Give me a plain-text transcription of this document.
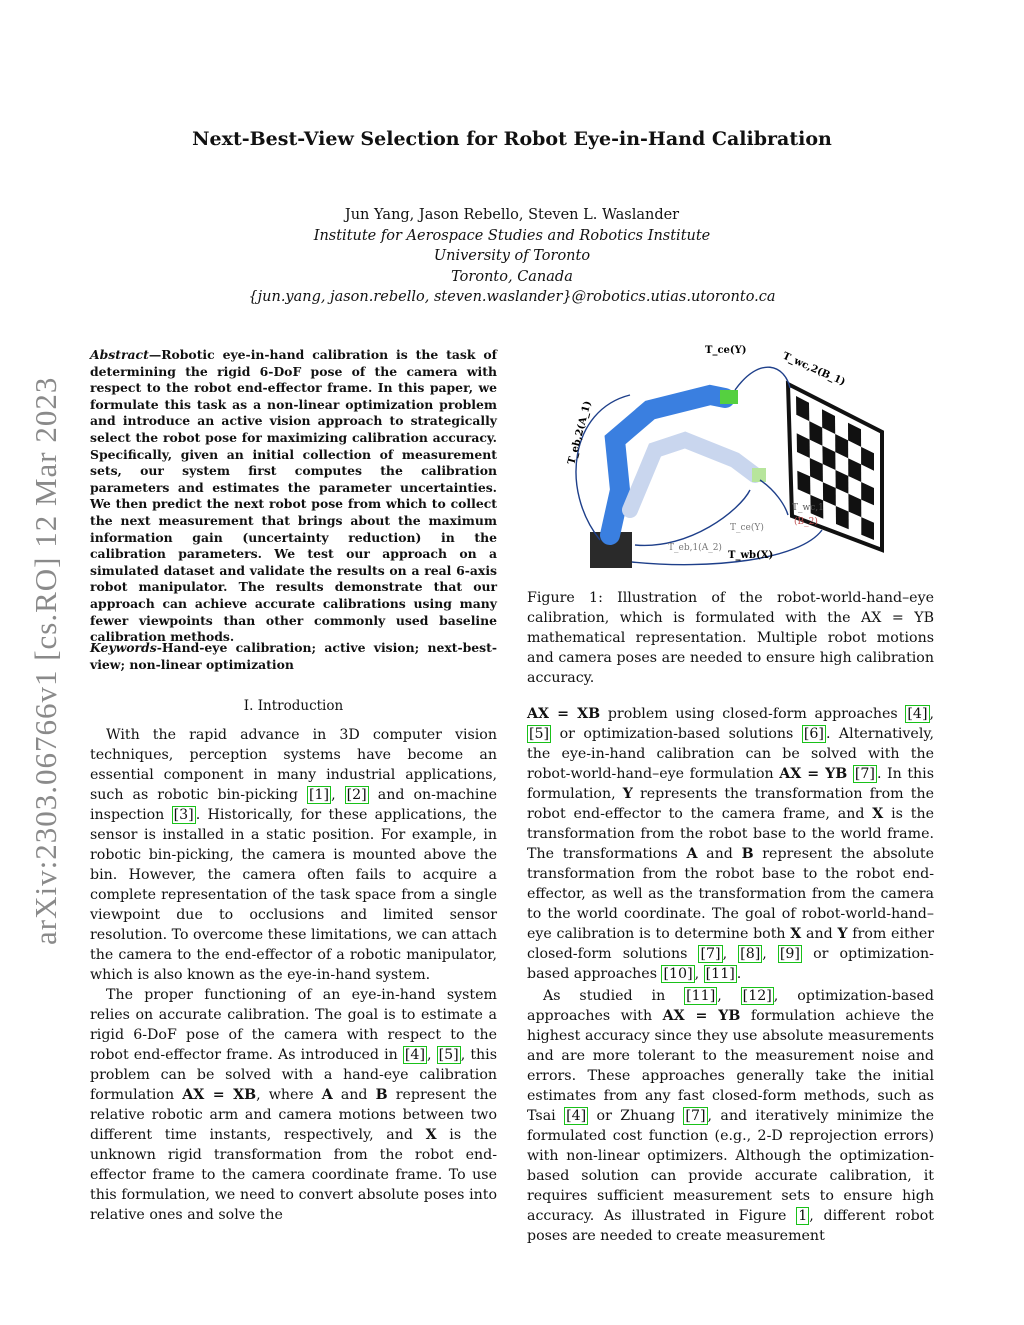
Next-Best-View Selection for Robot Eye-in-Hand Calibration
Jun Yang, Jason Rebello, Steven L. Waslander
Institute for Aerospace Studies and Robotics Institute
University of Toronto
Toronto, Canada
{jun.yang, jason.rebello, steven.waslander}@robotics.utias.utoronto.ca
arXiv:2303.06766v1 [cs.RO] 12 Mar 2023
Abstract—Robotic eye-in-hand calibration is the task of determining the rigid 6-DoF pose of the camera with respect to the robot end-effector frame. In this paper, we formulate this task as a non-linear optimization problem and introduce an active vision approach to strategically select the robot pose for maximizing calibration accuracy. Specifically, given an initial collection of measurement sets, our system first computes the calibration parameters and estimates the parameter uncertainties. We then predict the next robot pose from which to collect the next measurement that brings about the maximum information gain (uncertainty reduction) in the calibration parameters. We test our approach on a simulated dataset and validate the results on a real 6-axis robot manipulator. The results demonstrate that our approach can achieve accurate calibrations using many fewer viewpoints than other commonly used baseline calibration methods.
Keywords-Hand-eye calibration; active vision; next-best-view; non-linear optimization
I. Introduction

With the rapid advance in 3D computer vision techniques, perception systems have become an essential component in many industrial applications, such as robotic bin-picking [1] , [2] and on-machine inspection [3] . Historically, for these applications, the sensor is installed in a static position. For example, in robotic bin-picking, the camera is mounted above the bin. However, the camera often fails to acquire a complete representation of the task space from a single viewpoint due to occlusions and limited sensor resolution. To overcome these limitations, we can attach the camera to the end-effector of a robotic manipulator, which is also known as the eye-in-hand system.

The proper functioning of an eye-in-hand system relies on accurate calibration. The goal is to estimate a rigid 6-DoF pose of the camera with respect to the robot end-effector frame. As introduced in [4] , [5] , this problem can be solved with a hand-eye calibration formulation AX = XB, where A and B represent the relative robotic arm and camera motions between two different time instants, respectively, and X is the unknown rigid transformation from the robot end-effector frame to the camera coordinate frame. To use this formulation, we need to convert absolute poses into relative ones and solve the

T_ce(Y)
T_wc,2(B_1)
T_eb,2(A_1)
T_wc,1
(B_2)
T_ce(Y)
T_eb,1(A_2)
T_wb(X)
Figure 1: Illustration of the robot-world-hand–eye calibration, which is formulated with the AX = YB mathematical representation. Multiple robot motions and camera poses are needed to ensure high calibration accuracy.

AX = XB problem using closed-form approaches [4] , [5] or optimization-based solutions [6] . Alternatively, the eye-in-hand calibration can be solved with the robot-world-hand–eye formulation AX = YB [7] . In this formulation, Y represents the transformation from the robot end-effector to the camera frame, and X is the transformation from the robot base to the world frame. The transformations A and B represent the absolute transformation from the robot base to the robot end-effector, as well as the transformation from the camera to the world coordinate. The goal of robot-world-hand–eye calibration is to determine both X and Y from either closed-form solutions [7] , [8] , [9] or optimization-based approaches [10] , [11] .

As studied in [11] , [12] , optimization-based approaches with AX = YB formulation achieve the highest accuracy since they use absolute measurements and are more tolerant to the measurement noise and errors. These approaches generally take the initial estimates from any fast closed-form methods, such as Tsai [4] or Zhuang [7] , and iteratively minimize the formulated cost function (e.g., 2-D reprojection errors) with non-linear optimizers. Although the optimization-based solution can provide accurate calibration, it requires sufficient measurement sets to ensure high accuracy. As illustrated in Figure 1 , different robot poses are needed to create measurement
